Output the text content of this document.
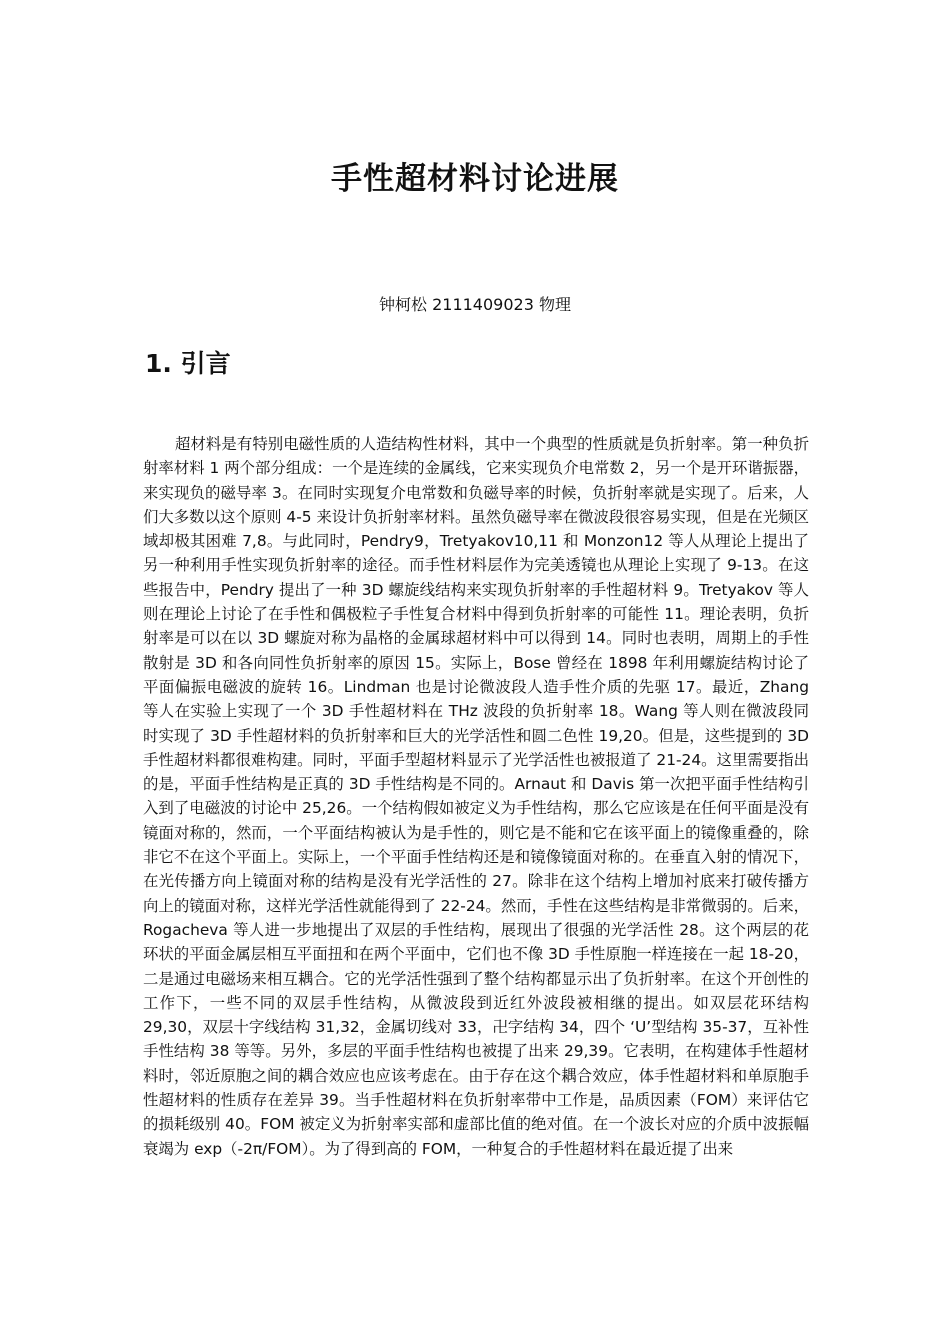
手性超材料讨论进展
钟柯松 2111409023 物理
1. 引言

超材料是有特别电磁性质的人造结构性材料，其中一个典型的性质就是负折射率。第一种负折射率材料 1 两个部分组成：一个是连续的金属线，它来实现负介电常数 2，另一个是开环谐振器，来实现负的磁导率 3。在同时实现复介电常数和负磁导率的时候，负折射率就是实现了。后来，人们大多数以这个原则 4-5 来设计负折射率材料。虽然负磁导率在微波段很容易实现，但是在光频区域却极其困难 7,8。与此同时，Pendry9，Tretyakov10,11 和 Monzon12 等人从理论上提出了另一种利用手性实现负折射率的途径。而手性材料层作为完美透镜也从理论上实现了 9-13。在这些报告中，Pendry 提出了一种 3D 螺旋线结构来实现负折射率的手性超材料 9。Tretyakov 等人则在理论上讨论了在手性和偶极粒子手性复合材料中得到负折射率的可能性 11。理论表明，负折射率是可以在以 3D 螺旋对称为晶格的金属球超材料中可以得到 14。同时也表明，周期上的手性散射是 3D 和各向同性负折射率的原因 15。实际上，Bose 曾经在 1898 年利用螺旋结构讨论了平面偏振电磁波的旋转 16。Lindman 也是讨论微波段人造手性介质的先驱 17。最近，Zhang 等人在实验上实现了一个 3D 手性超材料在 THz 波段的负折射率 18。Wang 等人则在微波段同时实现了 3D 手性超材料的负折射率和巨大的光学活性和圆二色性 19,20。但是，这些提到的 3D 手性超材料都很难构建。同时，平面手型超材料显示了光学活性也被报道了 21-24。这里需要指出的是，平面手性结构是正真的 3D 手性结构是不同的。Arnaut 和 Davis 第一次把平面手性结构引入到了电磁波的讨论中 25,26。一个结构假如被定义为手性结构，那么它应该是在任何平面是没有镜面对称的，然而，一个平面结构被认为是手性的，则它是不能和它在该平面上的镜像重叠的，除非它不在这个平面上。实际上，一个平面手性结构还是和镜像镜面对称的。在垂直入射的情况下，在光传播方向上镜面对称的结构是没有光学活性的 27。除非在这个结构上增加衬底来打破传播方向上的镜面对称，这样光学活性就能得到了 22-24。然而，手性在这些结构是非常微弱的。后来，Rogacheva 等人进一步地提出了双层的手性结构，展现出了很强的光学活性 28。这个两层的花环状的平面金属层相互平面扭和在两个平面中，它们也不像 3D 手性原胞一样连接在一起 18-20，二是通过电磁场来相互耦合。它的光学活性强到了整个结构都显示出了负折射率。在这个开创性的工作下，一些不同的双层手性结构，从微波段到近红外波段被相继的提出。如双层花环结构 29,30，双层十字线结构 31,32，金属切线对 33，卍字结构 34，四个 ‘U’型结构 35-37，互补性手性结构 38 等等。另外，多层的平面手性结构也被提了出来 29,39。它表明，在构建体手性超材料时，邻近原胞之间的耦合效应也应该考虑在。由于存在这个耦合效应，体手性超材料和单原胞手性超材料的性质存在差异 39。当手性超材料在负折射率带中工作是，品质因素（FOM）来评估它的损耗级别 40。FOM 被定义为折射率实部和虚部比值的绝对值。在一个波长对应的介质中波振幅衰竭为 exp（-2π/FOM）。为了得到高的 FOM，一种复合的手性超材料在最近提了出来
